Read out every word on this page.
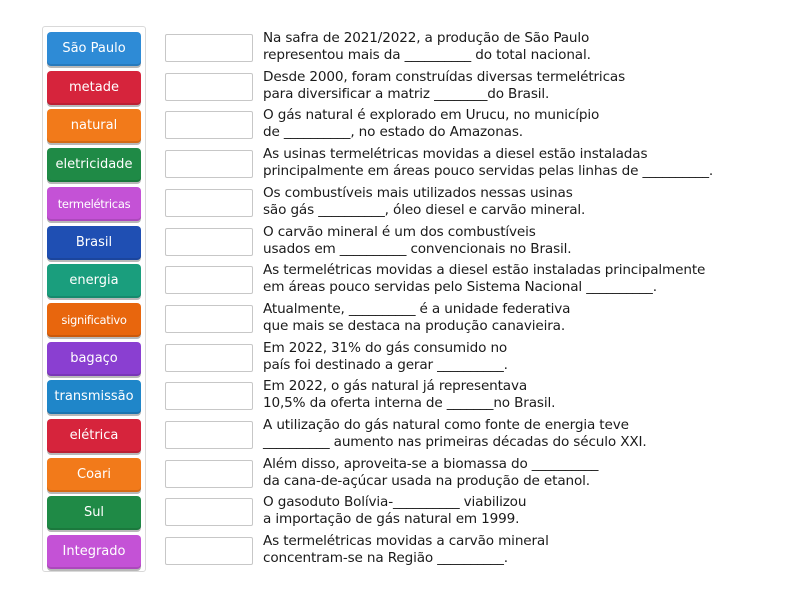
São Paulo
metade
natural
eletricidade
termelétricas
Brasil
energia
significativo
bagaço
transmissão
elétrica
Coari
Sul
Integrado
Na safra de 2021/2022, a produção de São Paulo
representou mais da __________ do total nacional.
Desde 2000, foram construídas diversas termelétricas
para diversificar a matriz ________do Brasil.
O gás natural é explorado em Urucu, no município
de __________, no estado do Amazonas.
As usinas termelétricas movidas a diesel estão instaladas
principalmente em áreas pouco servidas pelas linhas de __________.
Os combustíveis mais utilizados nessas usinas
são gás __________, óleo diesel e carvão mineral.
O carvão mineral é um dos combustíveis
usados em __________ convencionais no Brasil.
As termelétricas movidas a diesel estão instaladas principalmente
em áreas pouco servidas pelo Sistema Nacional __________.
Atualmente, __________ é a unidade federativa
que mais se destaca na produção canavieira.
Em 2022, 31% do gás consumido no
país foi destinado a gerar __________.
Em 2022, o gás natural já representava
10,5% da oferta interna de _______no Brasil.
A utilização do gás natural como fonte de energia teve
__________ aumento nas primeiras décadas do século XXI.
Além disso, aproveita-se a biomassa do __________
da cana-de-açúcar usada na produção de etanol.
O gasoduto Bolívia-__________ viabilizou
a importação de gás natural em 1999.
As termelétricas movidas a carvão mineral
concentram-se na Região __________.
